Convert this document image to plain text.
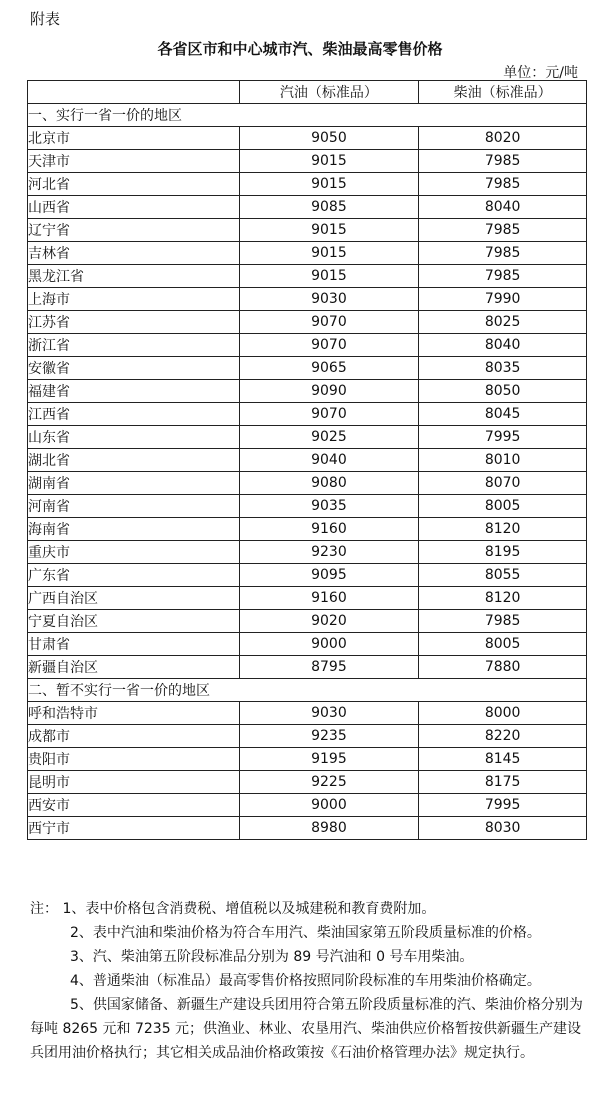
附表
各省区市和中心城市汽、柴油最高零售价格
单位：元/吨
	汽油（标准品）	柴油（标准品）
一、实行一省一价的地区		
北京市	9050	8020
天津市	9015	7985
河北省	9015	7985
山西省	9085	8040
辽宁省	9015	7985
吉林省	9015	7985
黑龙江省	9015	7985
上海市	9030	7990
江苏省	9070	8025
浙江省	9070	8040
安徽省	9065	8035
福建省	9090	8050
江西省	9070	8045
山东省	9025	7995
湖北省	9040	8010
湖南省	9080	8070
河南省	9035	8005
海南省	9160	8120
重庆市	9230	8195
广东省	9095	8055
广西自治区	9160	8120
宁夏自治区	9020	7985
甘肃省	9000	8005
新疆自治区	8795	7880
二、暂不实行一省一价的地区		
呼和浩特市	9030	8000
成都市	9235	8220
贵阳市	9195	8145
昆明市	9225	8175
西安市	9000	7995
西宁市	8980	8030

注： 1、表中价格包含消费税、增值税以及城建税和教育费附加。

2、表中汽油和柴油价格为符合车用汽、柴油国家第五阶段质量标准的价格。

3、汽、柴油第五阶段标准品分别为 89 号汽油和 0 号车用柴油。

4、普通柴油（标准品）最高零售价格按照同阶段标准的车用柴油价格确定。

5、供国家储备、新疆生产建设兵团用符合第五阶段质量标准的汽、柴油价格分别为每吨 8265 元和 7235 元；供渔业、林业、农垦用汽、柴油供应价格暂按供新疆生产建设兵团用油价格执行；其它相关成品油价格政策按《石油价格管理办法》规定执行。
